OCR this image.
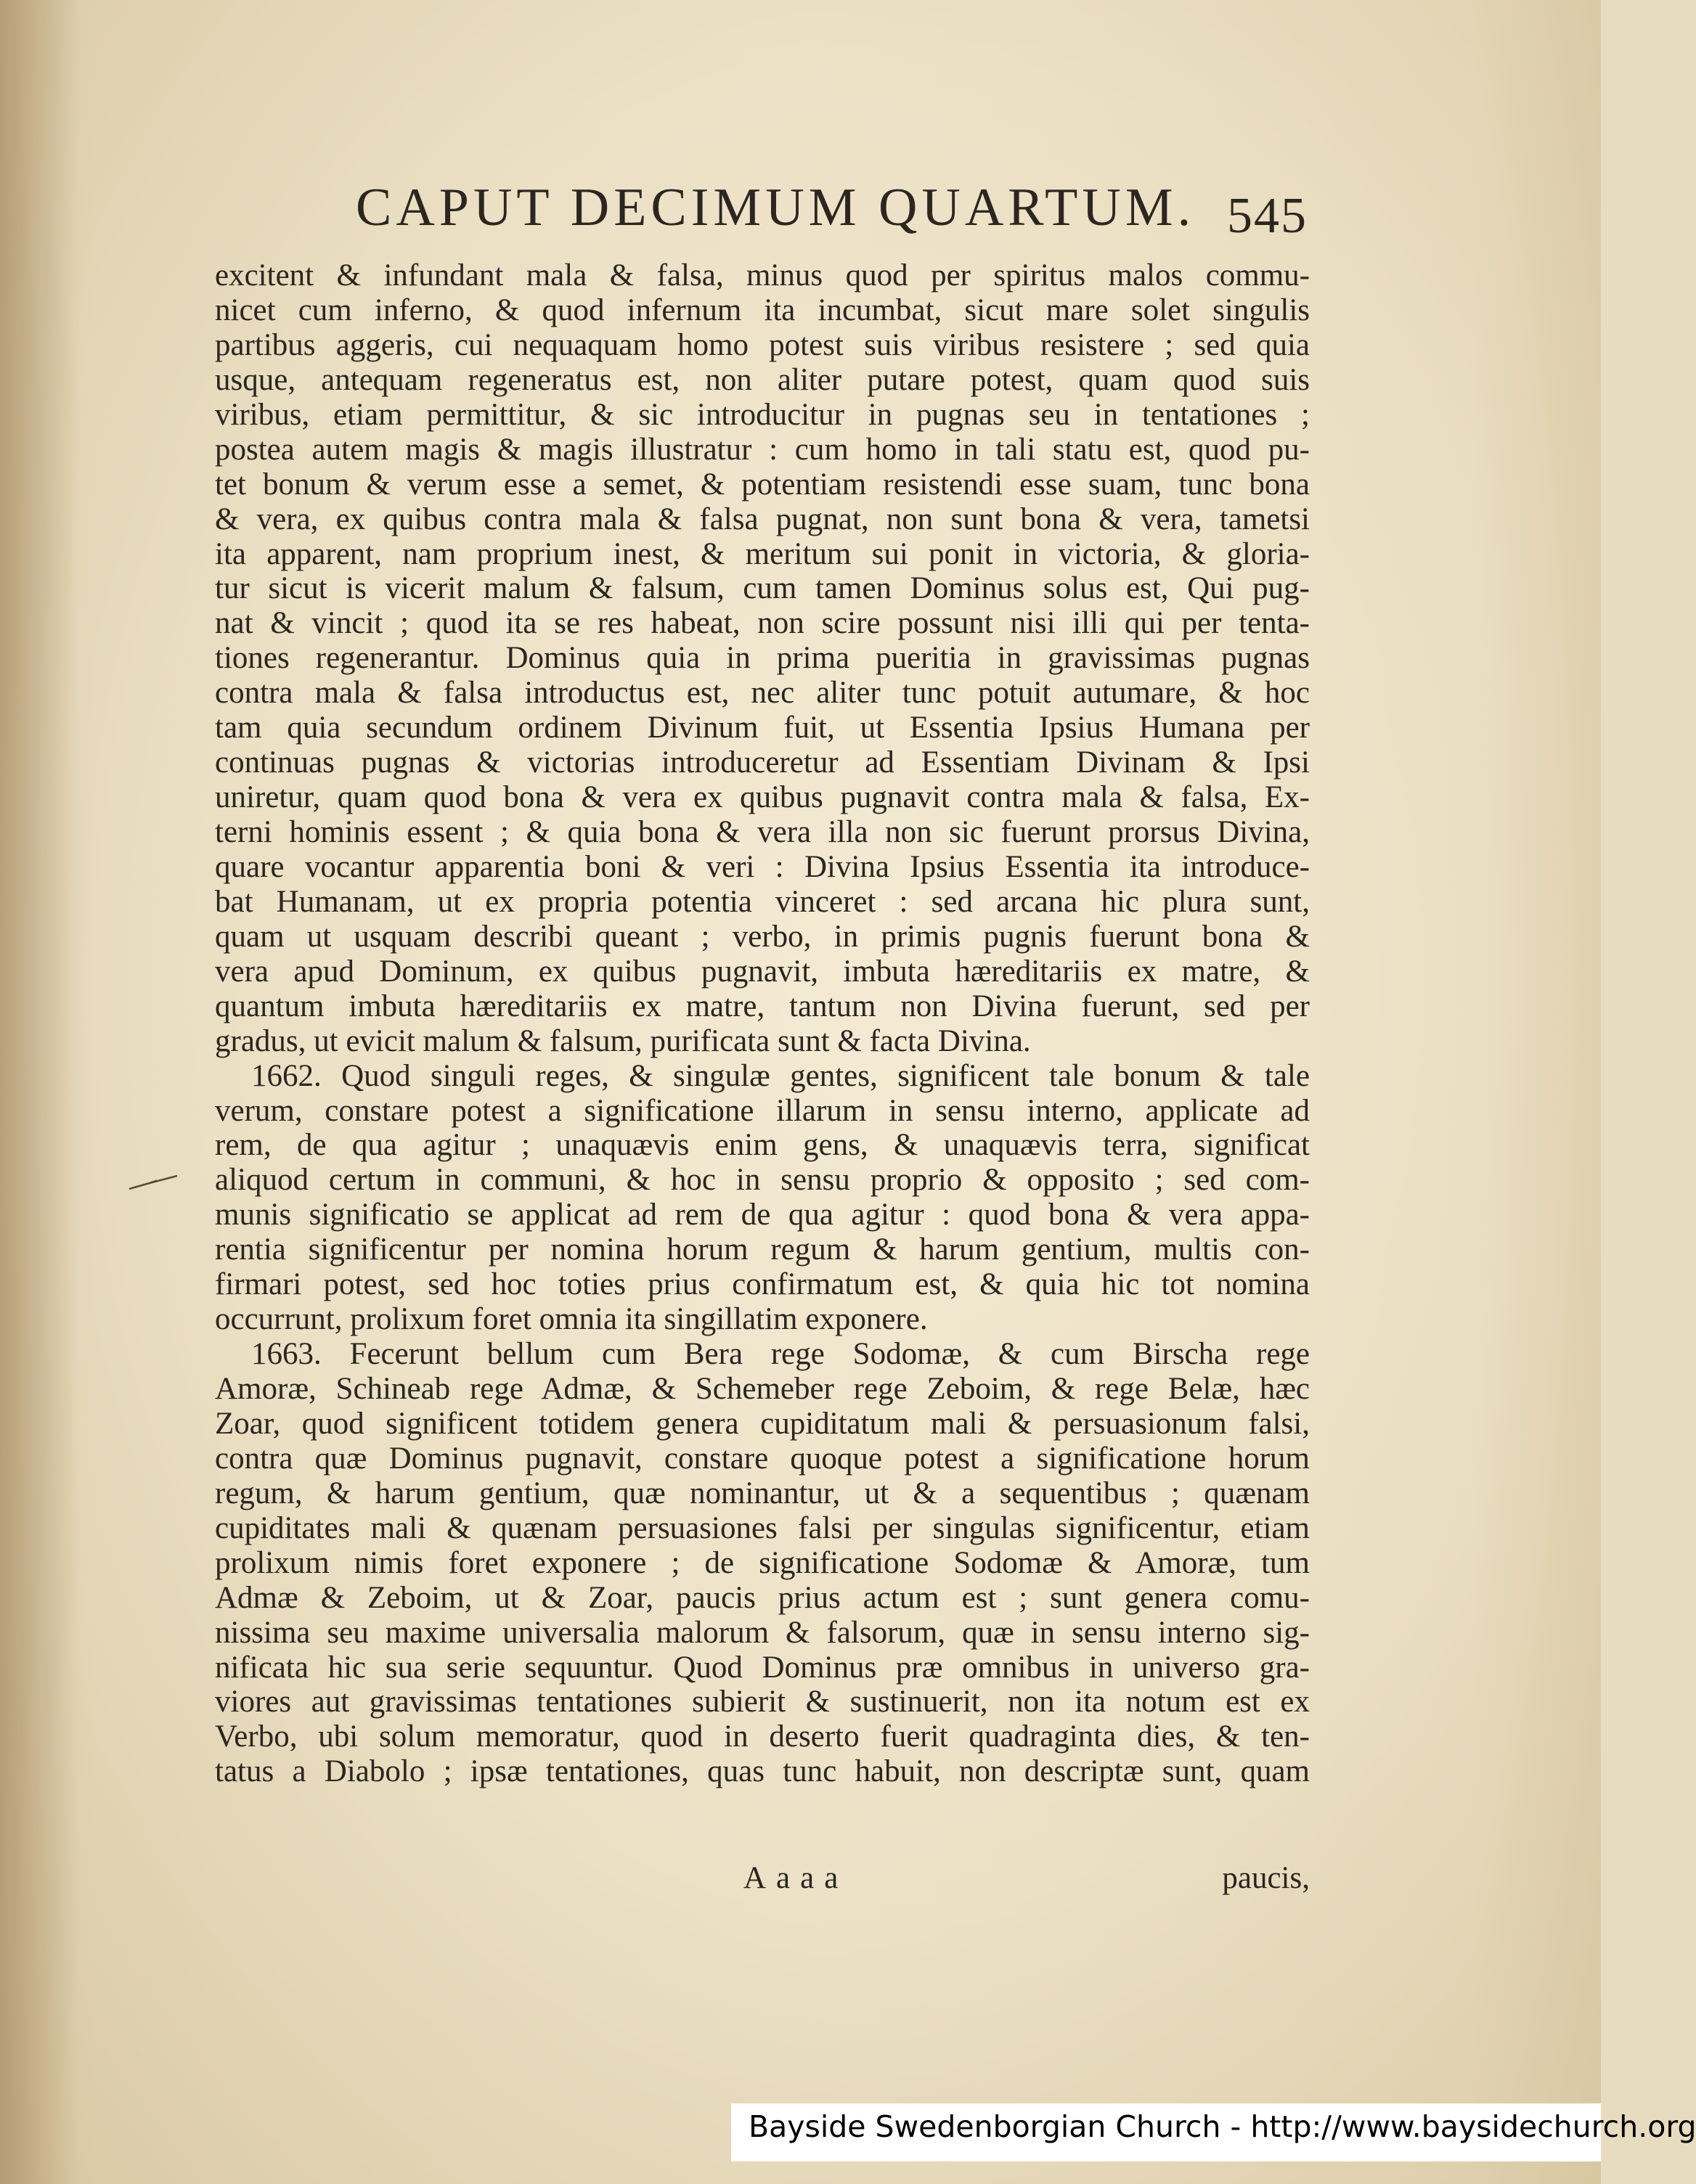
CAPUT DECIMUM QUARTUM. 545
excitent & infundant mala & falsa, minus quod per spiritus malos commu-
nicet cum inferno, & quod infernum ita incumbat, sicut mare solet singulis
partibus aggeris, cui nequaquam homo potest suis viribus resistere ; sed quia
usque, antequam regeneratus est, non aliter putare potest, quam quod suis
viribus, etiam permittitur, & sic introducitur in pugnas seu in tentationes ;
postea autem magis & magis illustratur : cum homo in tali statu est, quod pu-
tet bonum & verum esse a semet, & potentiam resistendi esse suam, tunc bona
& vera, ex quibus contra mala & falsa pugnat, non sunt bona & vera, tametsi
ita apparent, nam proprium inest, & meritum sui ponit in victoria, & gloria-
tur sicut is vicerit malum & falsum, cum tamen Dominus solus est, Qui pug-
nat & vincit ; quod ita se res habeat, non scire possunt nisi illi qui per tenta-
tiones regenerantur. Dominus quia in prima pueritia in gravissimas pugnas
contra mala & falsa introductus est, nec aliter tunc potuit autumare, & hoc
tam quia secundum ordinem Divinum fuit, ut Essentia Ipsius Humana per
continuas pugnas & victorias introduceretur ad Essentiam Divinam & Ipsi
uniretur, quam quod bona & vera ex quibus pugnavit contra mala & falsa, Ex-
terni hominis essent ; & quia bona & vera illa non sic fuerunt prorsus Divina,
quare vocantur apparentia boni & veri : Divina Ipsius Essentia ita introduce-
bat Humanam, ut ex propria potentia vinceret : sed arcana hic plura sunt,
quam ut usquam describi queant ; verbo, in primis pugnis fuerunt bona &
vera apud Dominum, ex quibus pugnavit, imbuta hæreditariis ex matre, &
quantum imbuta hæreditariis ex matre, tantum non Divina fuerunt, sed per
gradus, ut evicit malum & falsum, purificata sunt & facta Divina.
1662. Quod singuli reges, & singulæ gentes, significent tale bonum & tale
verum, constare potest a significatione illarum in sensu interno, applicate ad
rem, de qua agitur ; unaquævis enim gens, & unaquævis terra, significat
aliquod certum in communi, & hoc in sensu proprio & opposito ; sed com-
munis significatio se applicat ad rem de qua agitur : quod bona & vera appa-
rentia significentur per nomina horum regum & harum gentium, multis con-
firmari potest, sed hoc toties prius confirmatum est, & quia hic tot nomina
occurrunt, prolixum foret omnia ita singillatim exponere.
1663. Fecerunt bellum cum Bera rege Sodomæ, & cum Birscha rege
Amoræ, Schineab rege Admæ, & Schemeber rege Zeboim, & rege Belæ, hæc
Zoar, quod significent totidem genera cupiditatum mali & persuasionum falsi,
contra quæ Dominus pugnavit, constare quoque potest a significatione horum
regum, & harum gentium, quæ nominantur, ut & a sequentibus ; quænam
cupiditates mali & quænam persuasiones falsi per singulas significentur, etiam
prolixum nimis foret exponere ; de significatione Sodomæ & Amoræ, tum
Admæ & Zeboim, ut & Zoar, paucis prius actum est ; sunt genera comu-
nissima seu maxime universalia malorum & falsorum, quæ in sensu interno sig-
nificata hic sua serie sequuntur. Quod Dominus præ omnibus in universo gra-
viores aut gravissimas tentationes subierit & sustinuerit, non ita notum est ex
Verbo, ubi solum memoratur, quod in deserto fuerit quadraginta dies, & ten-
tatus a Diabolo ; ipsæ tentationes, quas tunc habuit, non descriptæ sunt, quam
Aaaa	paucis,
Bayside Swedenborgian Church - http://www.baysidechurch.org
